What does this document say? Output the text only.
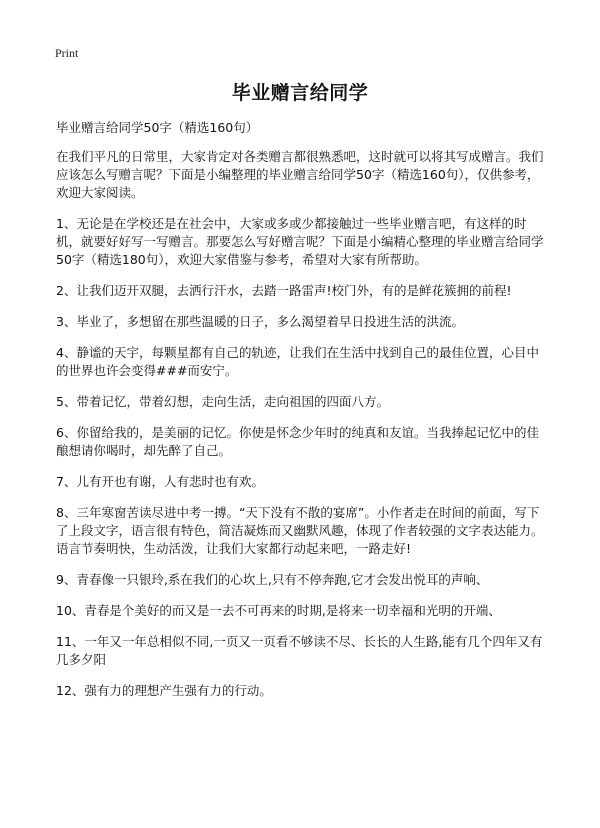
Print
毕业赠言给同学

毕业赠言给同学50字（精选160句）

在我们平凡的日常里，大家肯定对各类赠言都很熟悉吧，这时就可以将其写成赠言。我们应该怎么写赠言呢？下面是小编整理的毕业赠言给同学50字（精选160句），仅供参考，欢迎大家阅读。

1、无论是在学校还是在社会中，大家或多或少都接触过一些毕业赠言吧，有这样的时机，就要好好写一写赠言。那要怎么写好赠言呢？下面是小编精心整理的毕业赠言给同学50字（精选180句），欢迎大家借鉴与参考，希望对大家有所帮助。

2、让我们迈开双腿，去洒行汗水，去踏一路雷声!校门外，有的是鲜花簇拥的前程!

3、毕业了，多想留在那些温暖的日子，多么渴望着早日投进生活的洪流。

4、静谧的天宇，每颗星都有自己的轨迹，让我们在生活中找到自己的最佳位置，心目中的世界也许会变得###而安宁。

5、带着记忆，带着幻想，走向生活，走向祖国的四面八方。

6、你留给我的，是美丽的记忆。你使是怀念少年时的纯真和友谊。当我捧起记忆中的佳酿想请你喝时，却先醉了自己。

7、儿有开也有谢，人有悲时也有欢。

8、三年寒窗苦读尽进中考一搏。“天下没有不散的宴席”。小作者走在时间的前面，写下了上段文字，语言很有特色，简洁凝炼而又幽默风趣，体现了作者较强的文字表达能力。语言节奏明快，生动活泼，让我们大家都行动起来吧，一路走好!

9、青春像一只银玲,系在我们的心坎上,只有不停奔跑,它才会发出悦耳的声响、

10、青春是个美好的而又是一去不可再来的时期,是将来一切幸福和光明的开端、

11、一年又一年总相似不同,一页又一页看不够读不尽、长长的人生路,能有几个四年又有几多夕阳

12、强有力的理想产生强有力的行动。
